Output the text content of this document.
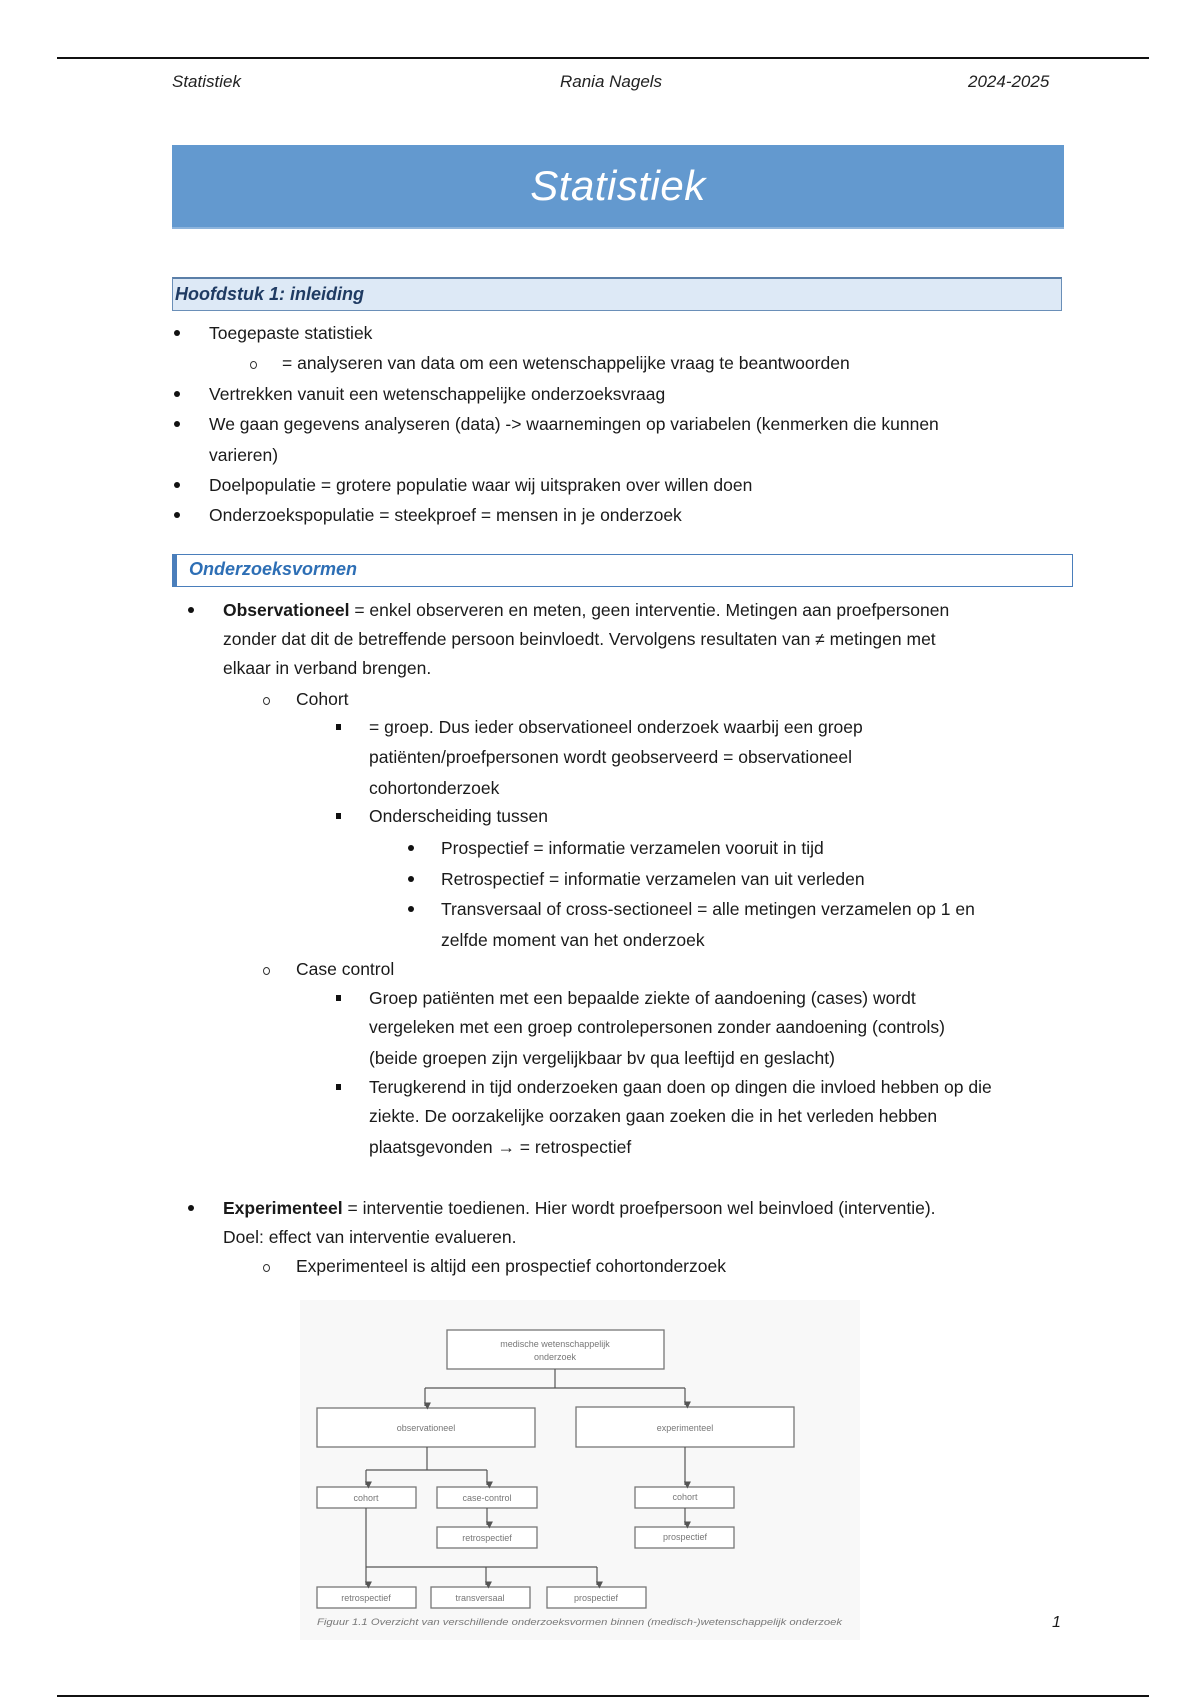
Statistiek	Rania Nagels	2024-2025
Statistiek
Hoofdstuk 1: inleiding
Toegepaste statistiek
= analyseren van data om een wetenschappelijke vraag te beantwoorden
Vertrekken vanuit een wetenschappelijke onderzoeksvraag
We gaan gegevens analyseren (data) -> waarnemingen op variabelen (kenmerken die kunnen
varieren)
Doelpopulatie = grotere populatie waar wij uitspraken over willen doen
Onderzoekspopulatie = steekproef = mensen in je onderzoek
Onderzoeksvormen
Observationeel = enkel observeren en meten, geen interventie. Metingen aan proefpersonen
zonder dat dit de betreffende persoon beinvloedt. Vervolgens resultaten van ≠ metingen met
elkaar in verband brengen.
Cohort
= groep. Dus ieder observationeel onderzoek waarbij een groep
patiënten/proefpersonen wordt geobserveerd = observationeel
cohortonderzoek
Onderscheiding tussen
Prospectief = informatie verzamelen vooruit in tijd
Retrospectief = informatie verzamelen van uit verleden
Transversaal of cross-sectioneel = alle metingen verzamelen op 1 en
zelfde moment van het onderzoek
Case control
Groep patiënten met een bepaalde ziekte of aandoening (cases) wordt
vergeleken met een groep controlepersonen zonder aandoening (controls)
(beide groepen zijn vergelijkbaar bv qua leeftijd en geslacht)
Terugkerend in tijd onderzoeken gaan doen op dingen die invloed hebben op die
ziekte. De oorzakelijke oorzaken gaan zoeken die in het verleden hebben
plaatsgevonden → = retrospectief
Experimenteel = interventie toedienen. Hier wordt proefpersoon wel beinvloed (interventie).
Doel: effect van interventie evalueren.
Experimenteel is altijd een prospectief cohortonderzoek
medische wetenschappelijk
onderzoek
observationeel	experimenteel
cohort	case-control
retrospectief
cohort
prospectief
retrospectief	transversaal	prospectief
Figuur 1.1 Overzicht van verschillende onderzoeksvormen binnen (medisch-)wetenschappelijk onderzoek	1
